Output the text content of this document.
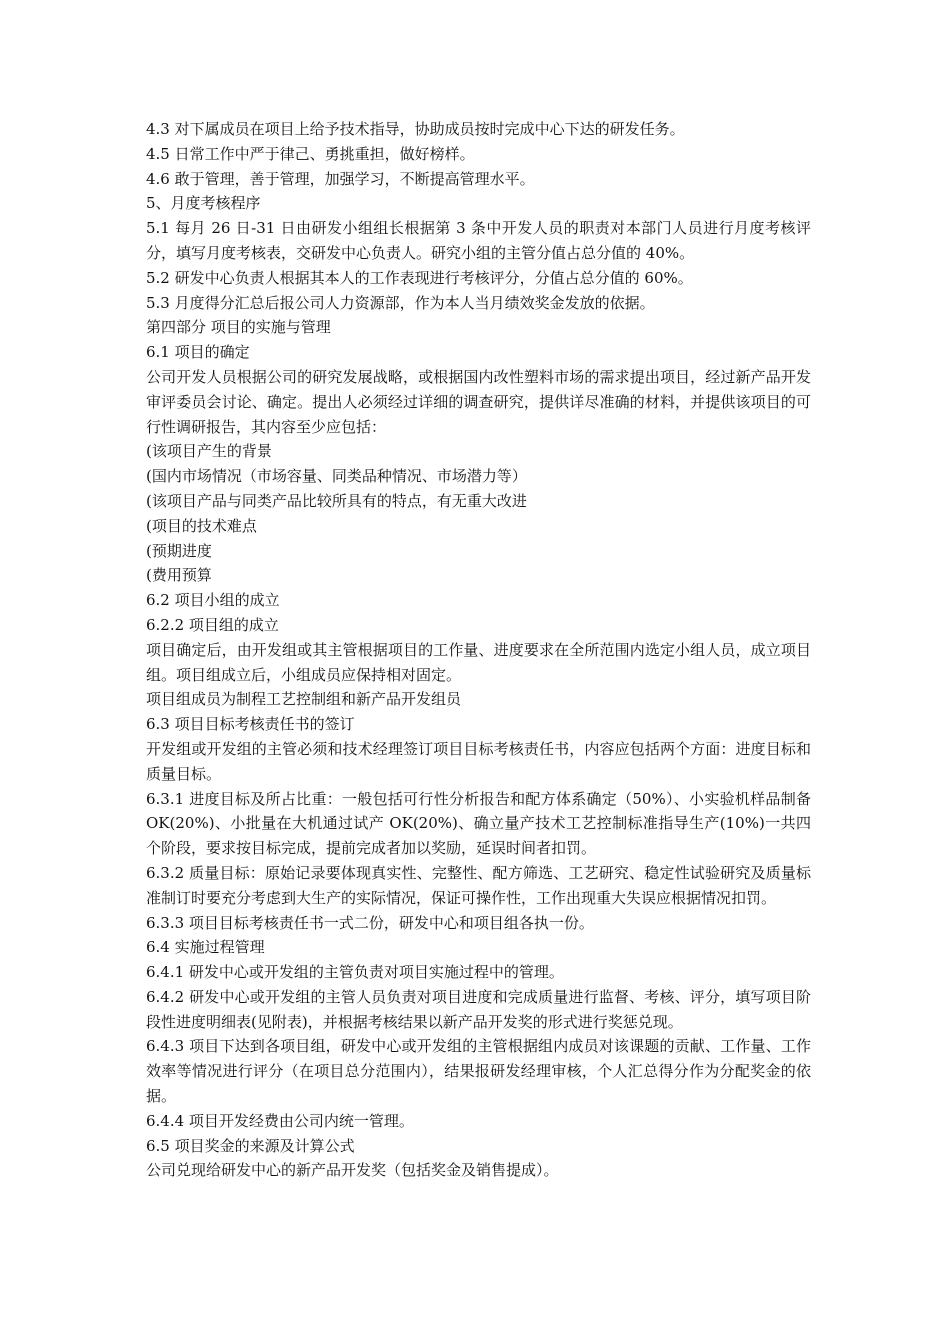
4.3 对下属成员在项目上给予技术指导，协助成员按时完成中心下达的研发任务。

4.5 日常工作中严于律己、勇挑重担，做好榜样。

4.6 敢于管理，善于管理，加强学习，不断提高管理水平。

5、月度考核程序

5.1 每月 26 日-31 日由研发小组组长根据第 3 条中开发人员的职责对本部门人员进行月度考核评分，填写月度考核表，交研发中心负责人。研究小组的主管分值占总分值的 40%。

5.2 研发中心负责人根据其本人的工作表现进行考核评分，分值占总分值的 60%。

5.3 月度得分汇总后报公司人力资源部，作为本人当月绩效奖金发放的依据。

第四部分 项目的实施与管理

6.1 项目的确定

公司开发人员根据公司的研究发展战略，或根据国内改性塑料市场的需求提出项目，经过新产品开发审评委员会讨论、确定。提出人必须经过详细的调查研究，提供详尽准确的材料，并提供该项目的可行性调研报告，其内容至少应包括：

(该项目产生的背景

(国内市场情况（市场容量、同类品种情况、市场潜力等）

(该项目产品与同类产品比较所具有的特点，有无重大改进

(项目的技术难点

(预期进度

(费用预算

6.2 项目小组的成立

6.2.2 项目组的成立

项目确定后，由开发组或其主管根据项目的工作量、进度要求在全所范围内选定小组人员，成立项目组。项目组成立后，小组成员应保持相对固定。

项目组成员为制程工艺控制组和新产品开发组员

6.3 项目目标考核责任书的签订

开发组或开发组的主管必须和技术经理签订项目目标考核责任书，内容应包括两个方面：进度目标和质量目标。

6.3.1 进度目标及所占比重：一般包括可行性分析报告和配方体系确定（50%）、小实验机样品制备 OK(20%)、小批量在大机通过试产 OK(20%)、确立量产技术工艺控制标准指导生产(10%)一共四个阶段，要求按目标完成，提前完成者加以奖励，延误时间者扣罚。

6.3.2 质量目标：原始记录要体现真实性、完整性、配方筛选、工艺研究、稳定性试验研究及质量标准制订时要充分考虑到大生产的实际情况，保证可操作性，工作出现重大失误应根据情况扣罚。

6.3.3 项目目标考核责任书一式二份，研发中心和项目组各执一份。

6.4 实施过程管理

6.4.1 研发中心或开发组的主管负责对项目实施过程中的管理。

6.4.2 研发中心或开发组的主管人员负责对项目进度和完成质量进行监督、考核、评分，填写项目阶段性进度明细表(见附表)，并根据考核结果以新产品开发奖的形式进行奖惩兑现。

6.4.3 项目下达到各项目组，研发中心或开发组的主管根据组内成员对该课题的贡献、工作量、工作效率等情况进行评分（在项目总分范围内），结果报研发经理审核，个人汇总得分作为分配奖金的依据。

6.4.4 项目开发经费由公司内统一管理。

6.5 项目奖金的来源及计算公式

公司兑现给研发中心的新产品开发奖（包括奖金及销售提成）。
